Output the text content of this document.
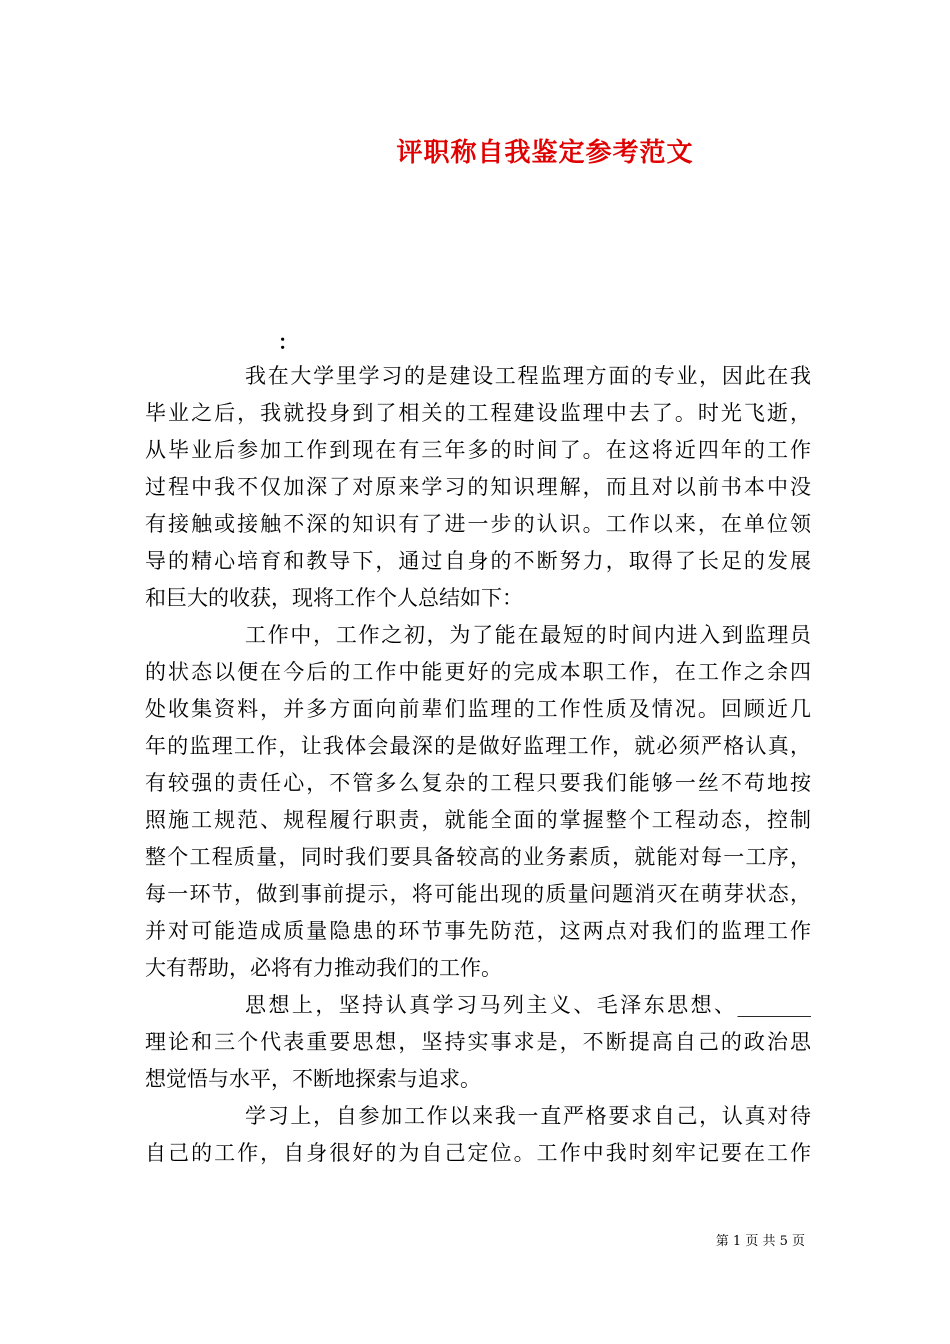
评职称自我鉴定参考范文
：
我在大学里学习的是建设工程监理方面的专业，因此在我
毕业之后，我就投身到了相关的工程建设监理中去了。时光飞逝，
从毕业后参加工作到现在有三年多的时间了。在这将近四年的工作
过程中我不仅加深了对原来学习的知识理解，而且对以前书本中没
有接触或接触不深的知识有了进一步的认识。工作以来，在单位领
导的精心培育和教导下，通过自身的不断努力，取得了长足的发展
和巨大的收获，现将工作个人总结如下：
工作中，工作之初，为了能在最短的时间内进入到监理员
的状态以便在今后的工作中能更好的完成本职工作，在工作之余四
处收集资料，并多方面向前辈们监理的工作性质及情况。回顾近几
年的监理工作，让我体会最深的是做好监理工作，就必须严格认真，
有较强的责任心，不管多么复杂的工程只要我们能够一丝不苟地按
照施工规范、规程履行职责，就能全面的掌握整个工程动态，控制
整个工程质量，同时我们要具备较高的业务素质，就能对每一工序，
每一环节，做到事前提示，将可能出现的质量问题消灭在萌芽状态，
并对可能造成质量隐患的环节事先防范，这两点对我们的监理工作
大有帮助，必将有力推动我们的工作。
思想上，坚持认真学习马列主义、毛泽东思想、_______
理论和三个代表重要思想，坚持实事求是，不断提高自己的政治思
想觉悟与水平，不断地探索与追求。
学习上，自参加工作以来我一直严格要求自己，认真对待
自己的工作，自身很好的为自己定位。工作中我时刻牢记要在工作
第 1 页 共 5 页
